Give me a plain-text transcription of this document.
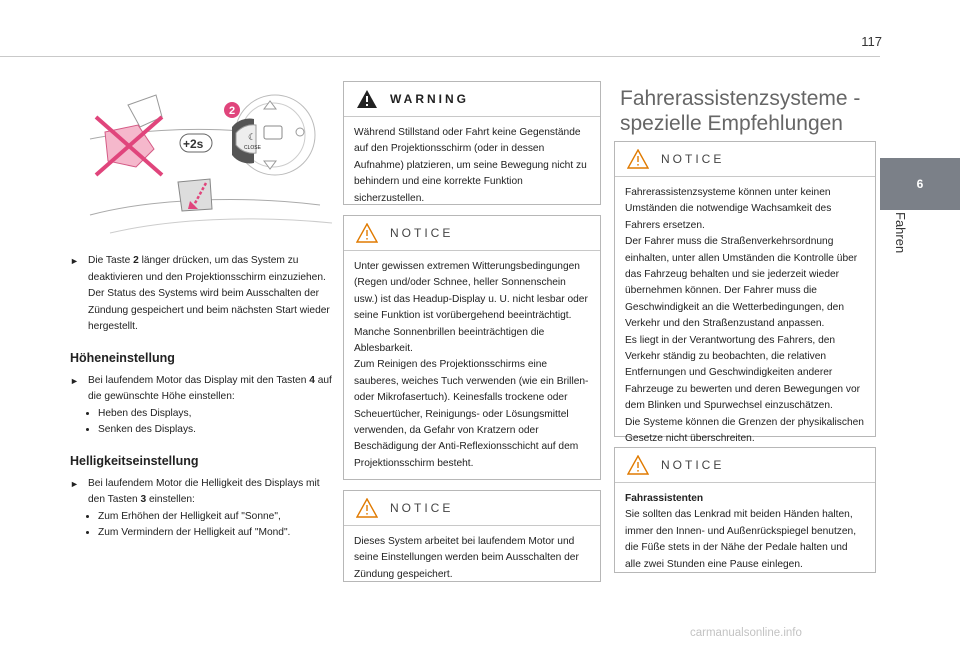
117
6
Fahren
☾
CLOSE
2
+2s
► Die Taste 2 länger drücken, um das System zu deaktivieren und den Projektionsschirm einzuziehen. Der Status des Systems wird beim Ausschalten der Zündung gespeichert und beim nächsten Start wieder hergestellt.

Höheneinstellung
► Bei laufendem Motor das Display mit den Tasten 4 auf die gewünschte Höhe einstellen:

• Heben des Displays,
• Senken des Displays.
Helligkeitseinstellung
► Bei laufendem Motor die Helligkeit des Displays mit den Tasten 3 einstellen:

• Zum Erhöhen der Helligkeit auf "Sonne",
• Zum Vermindern der Helligkeit auf "Mond".
WARNING
Während Stillstand oder Fahrt keine Gegenstände auf den Projektionsschirm (oder in dessen Aufnahme) platzieren, um seine Bewegung nicht zu behindern und eine korrekte Funktion sicherzustellen.
NOTICE

Unter gewissen extremen Witterungsbedingungen (Regen und/oder Schnee, heller Sonnenschein usw.) ist das Headup-Display u. U. nicht lesbar oder seine Funktion ist vorübergehend beeinträchtigt.

Manche Sonnenbrillen beeinträchtigen die Ablesbarkeit.

Zum Reinigen des Projektionsschirms eine sauberes, weiches Tuch verwenden (wie ein Brillen- oder Mikrofasertuch). Keinesfalls trockene oder Scheuertücher, Reinigungs- oder Lösungsmittel verwenden, da Gefahr von Kratzern oder Beschädigung der Anti-Reflexionsschicht auf dem Projektionsschirm besteht.

NOTICE
Dieses System arbeitet bei laufendem Motor und seine Einstellungen werden beim Ausschalten der Zündung gespeichert.
Fahrerassistenzsysteme -
spezielle Empfehlungen
NOTICE

Fahrerassistenzsysteme können unter keinen Umständen die notwendige Wachsamkeit des Fahrers ersetzen.

Der Fahrer muss die Straßenverkehrsordnung einhalten, unter allen Umständen die Kontrolle über das Fahrzeug behalten und sie jederzeit wieder übernehmen können. Der Fahrer muss die Geschwindigkeit an die Wetterbedingungen, den Verkehr und den Straßenzustand anpassen.

Es liegt in der Verantwortung des Fahrers, den Verkehr ständig zu beobachten, die relativen Entfernungen und Geschwindigkeiten anderer Fahrzeuge zu bewerten und deren Bewegungen vor dem Blinken und Spurwechsel einzuschätzen.

Die Systeme können die Grenzen der physikalischen Gesetze nicht überschreiten.

NOTICE
Fahrassistenten

Sie sollten das Lenkrad mit beiden Händen halten, immer den Innen- und Außenrückspiegel benutzen, die Füße stets in der Nähe der Pedale halten und alle zwei Stunden eine Pause einlegen.

carmanualsonline.info
